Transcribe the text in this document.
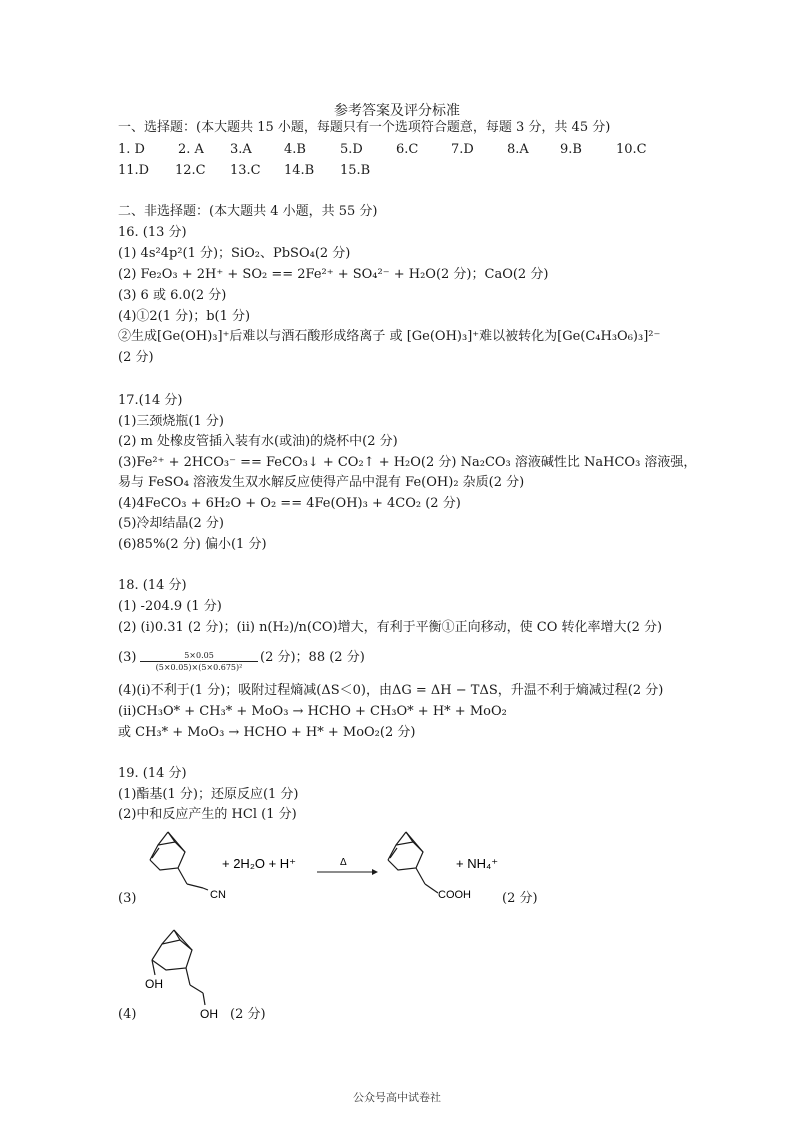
参考答案及评分标准
一、选择题：(本大题共 15 小题，每题只有一个选项符合题意，每题 3 分，共 45 分)
1. D	2. A 3.A 4.B	5.D	6.C	7.D	8.A 9.B	10.C
11.D 12.C 13.C 14.B 15.B
二、非选择题：(本大题共 4 小题，共 55 分)
16. (13 分)
(1) 4s²4p²(1 分)；SiO₂、PbSO₄(2 分)
(2) Fe₂O₃ + 2H⁺ + SO₂ == 2Fe²⁺ + SO₄²⁻ + H₂O(2 分)；CaO(2 分)
(3) 6 或 6.0(2 分)
(4)①2(1 分)；b(1 分)
②生成[Ge(OH)₃]⁺后难以与酒石酸形成络离子 或 [Ge(OH)₃]⁺难以被转化为[Ge(C₄H₃O₆)₃]²⁻
(2 分)
17.(14 分)
(1)三颈烧瓶(1 分)
(2) m 处橡皮管插入装有水(或油)的烧杯中(2 分)
(3)Fe²⁺ + 2HCO₃⁻ == FeCO₃↓ + CO₂↑ + H₂O(2 分) Na₂CO₃ 溶液碱性比 NaHCO₃ 溶液强，
易与 FeSO₄ 溶液发生双水解反应使得产品中混有 Fe(OH)₂ 杂质(2 分)
(4)4FeCO₃ + 6H₂O + O₂ == 4Fe(OH)₃ + 4CO₂ (2 分)
(5)冷却结晶(2 分)
(6)85%(2 分) 偏小(1 分)
18. (14 分)
(1) -204.9 (1 分)
(2) (i)0.31 (2 分)；(ii) n(H₂)/n(CO)增大，有利于平衡①正向移动，使 CO 转化率增大(2 分)
$(3) \frac{5\times 0.05}{\text{(5×0.05)×(5×0.675)²}} (2$ 分)；88 (2 分)
(4)(i)不利于(1 分)；吸附过程熵减(ΔS＜0)，由ΔG = ΔH − TΔS，升温不利于熵减过程(2 分)
(ii)CH₃O* + CH₃* + MoO₃ → HCHO + CH₃O* + H* + MoO₂
或 CH₃* + MoO₃ → HCHO + H* + MoO₂(2 分)
19. (14 分)
(1)酯基(1 分)；还原反应(1 分)
(2)中和反应产生的 HCl (1 分)
CN
+ 2H₂O + H⁺	Δ
COOH
+ NH₄⁺
OH
OH
(3)	(2 分)
(4)	(2 分)
公众号高中试卷社
